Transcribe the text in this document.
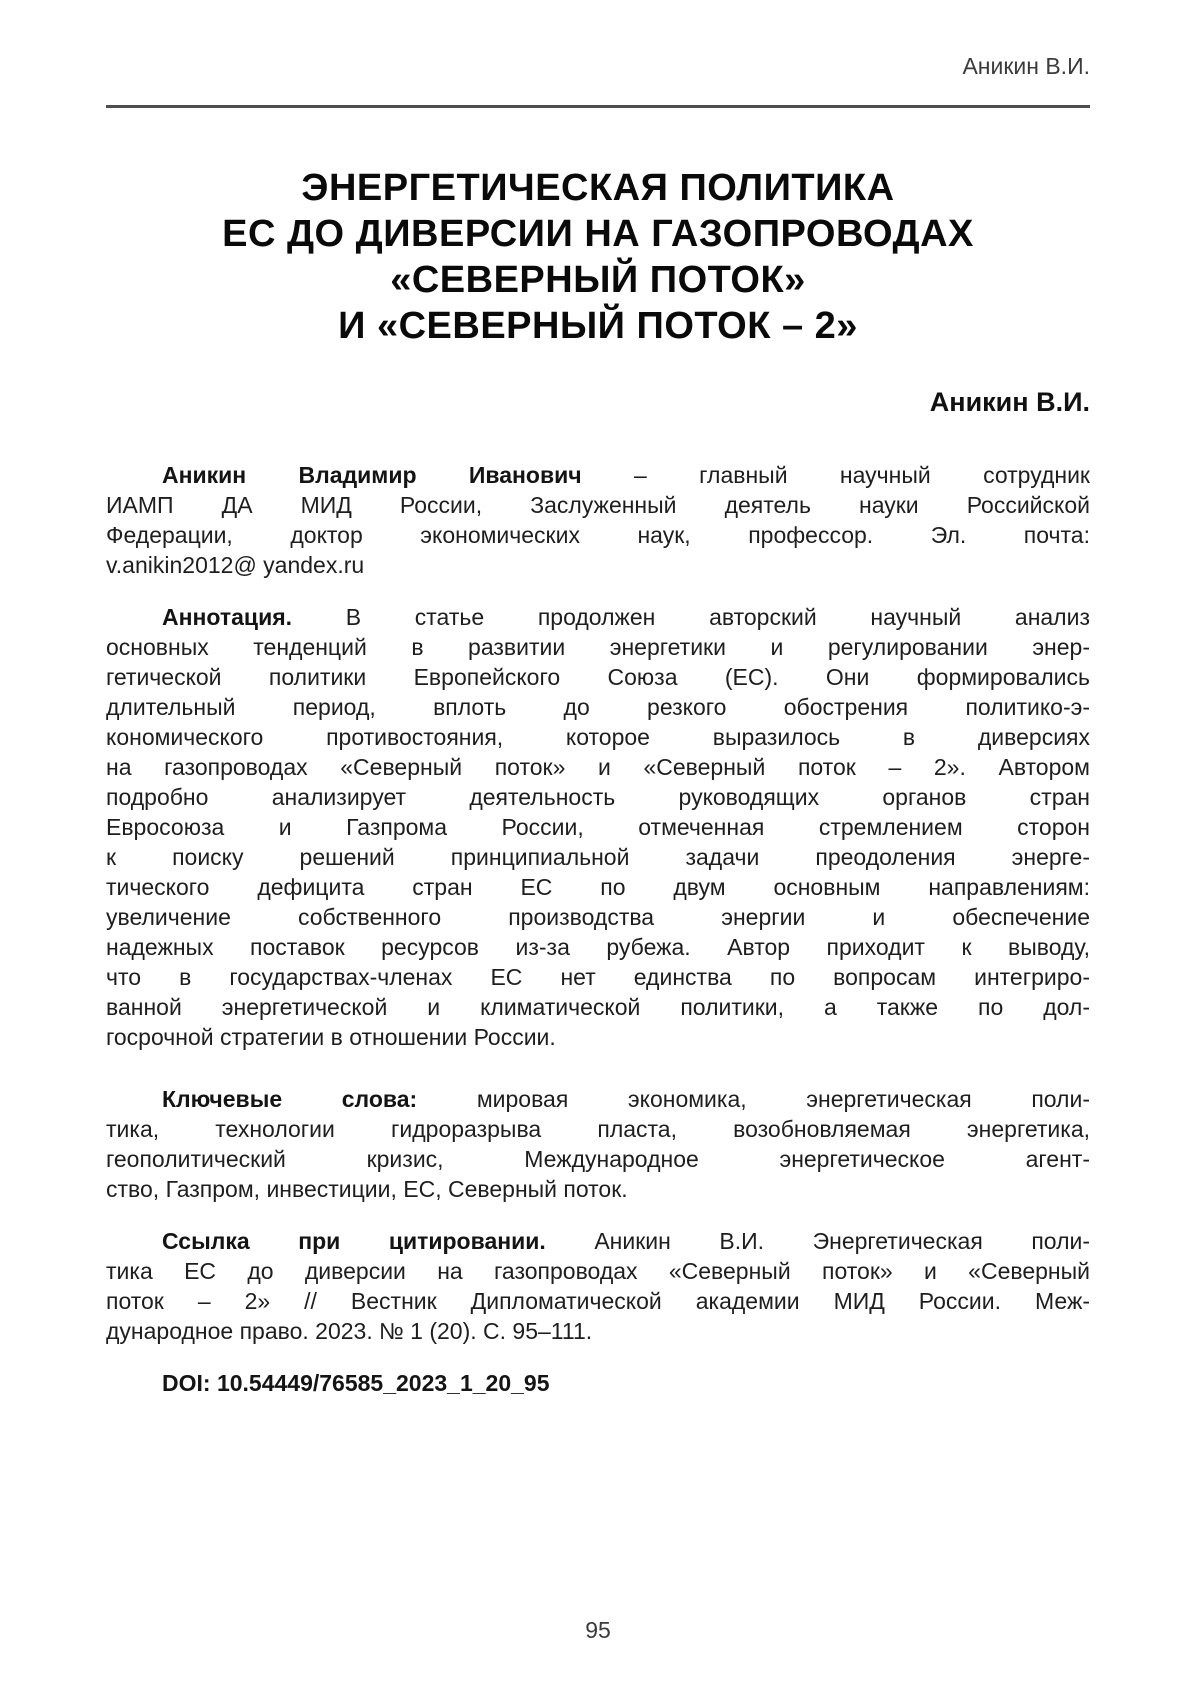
Аникин В.И.
ЭНЕРГЕТИЧЕСКАЯ ПОЛИТИКА
ЕС ДО ДИВЕРСИИ НА ГАЗОПРОВОДАХ
«СЕВЕРНЫЙ ПОТОК»
И «СЕВЕРНЫЙ ПОТОК – 2»
Аникин В.И.
Аникин Владимир Иванович – главный научный сотрудник
ИАМП ДА МИД России, Заслуженный деятель науки Российской
Федерации, доктор экономических наук, профессор. Эл. почта:
v.anikin2012@ yandex.ru
Аннотация. В статье продолжен авторский научный анализ
основных тенденций в развитии энергетики и регулировании энер-
гетической политики Европейского Союза (ЕС). Они формировались
длительный период, вплоть до резкого обострения политико-э-
кономического противостояния, которое выразилось в диверсиях
на газопроводах «Северный поток» и «Северный поток – 2». Автором
подробно анализирует деятельность руководящих органов стран
Евросоюза и Газпрома России, отмеченная стремлением сторон
к поиску решений принципиальной задачи преодоления энерге-
тического дефицита стран ЕС по двум основным направлениям:
увеличение собственного производства энергии и обеспечение
надежных поставок ресурсов из-за рубежа. Автор приходит к выводу,
что в государствах-членах ЕС нет единства по вопросам интегриро-
ванной энергетической и климатической политики, а также по дол-
госрочной стратегии в отношении России.
Ключевые слова: мировая экономика, энергетическая поли-
тика, технологии гидроразрыва пласта, возобновляемая энергетика,
геополитический кризис, Международное энергетическое агент-
ство, Газпром, инвестиции, ЕС, Северный поток.
Ссылка при цитировании. Аникин В.И. Энергетическая поли-
тика ЕС до диверсии на газопроводах «Северный поток» и «Северный
поток – 2» // Вестник Дипломатической академии МИД России. Меж-
дународное право. 2023. № 1 (20). С. 95–111.
DOI: 10.54449/76585_2023_1_20_95
95
